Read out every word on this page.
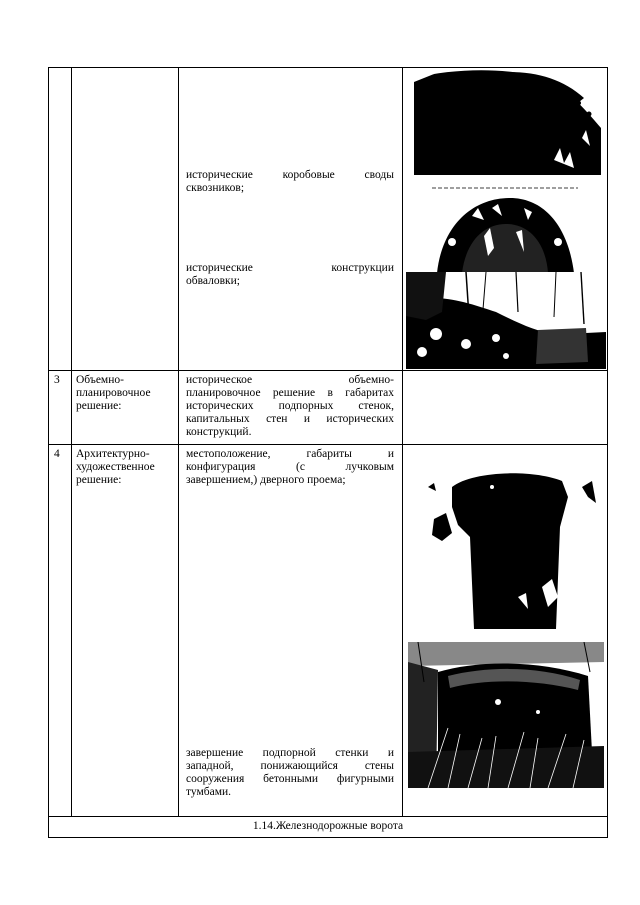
исторические коробовые своды
сквозников;
исторические конструкции
обваловки;
3 Объемно-
планировочное
решение:
историческое объемно-
планировочное решение в габаритах
исторических подпорных стенок,
капитальных стен и исторических
конструкций.
4 Архитектурно-
художественное
решение:
местоположение, габариты и
конфигурация (с лучковым
завершением,) дверного проема;
завершение подпорной стенки и
западной, понижающийся стены
сооружения бетонными фигурными
тумбами.
1.14.Железнодорожные ворота
